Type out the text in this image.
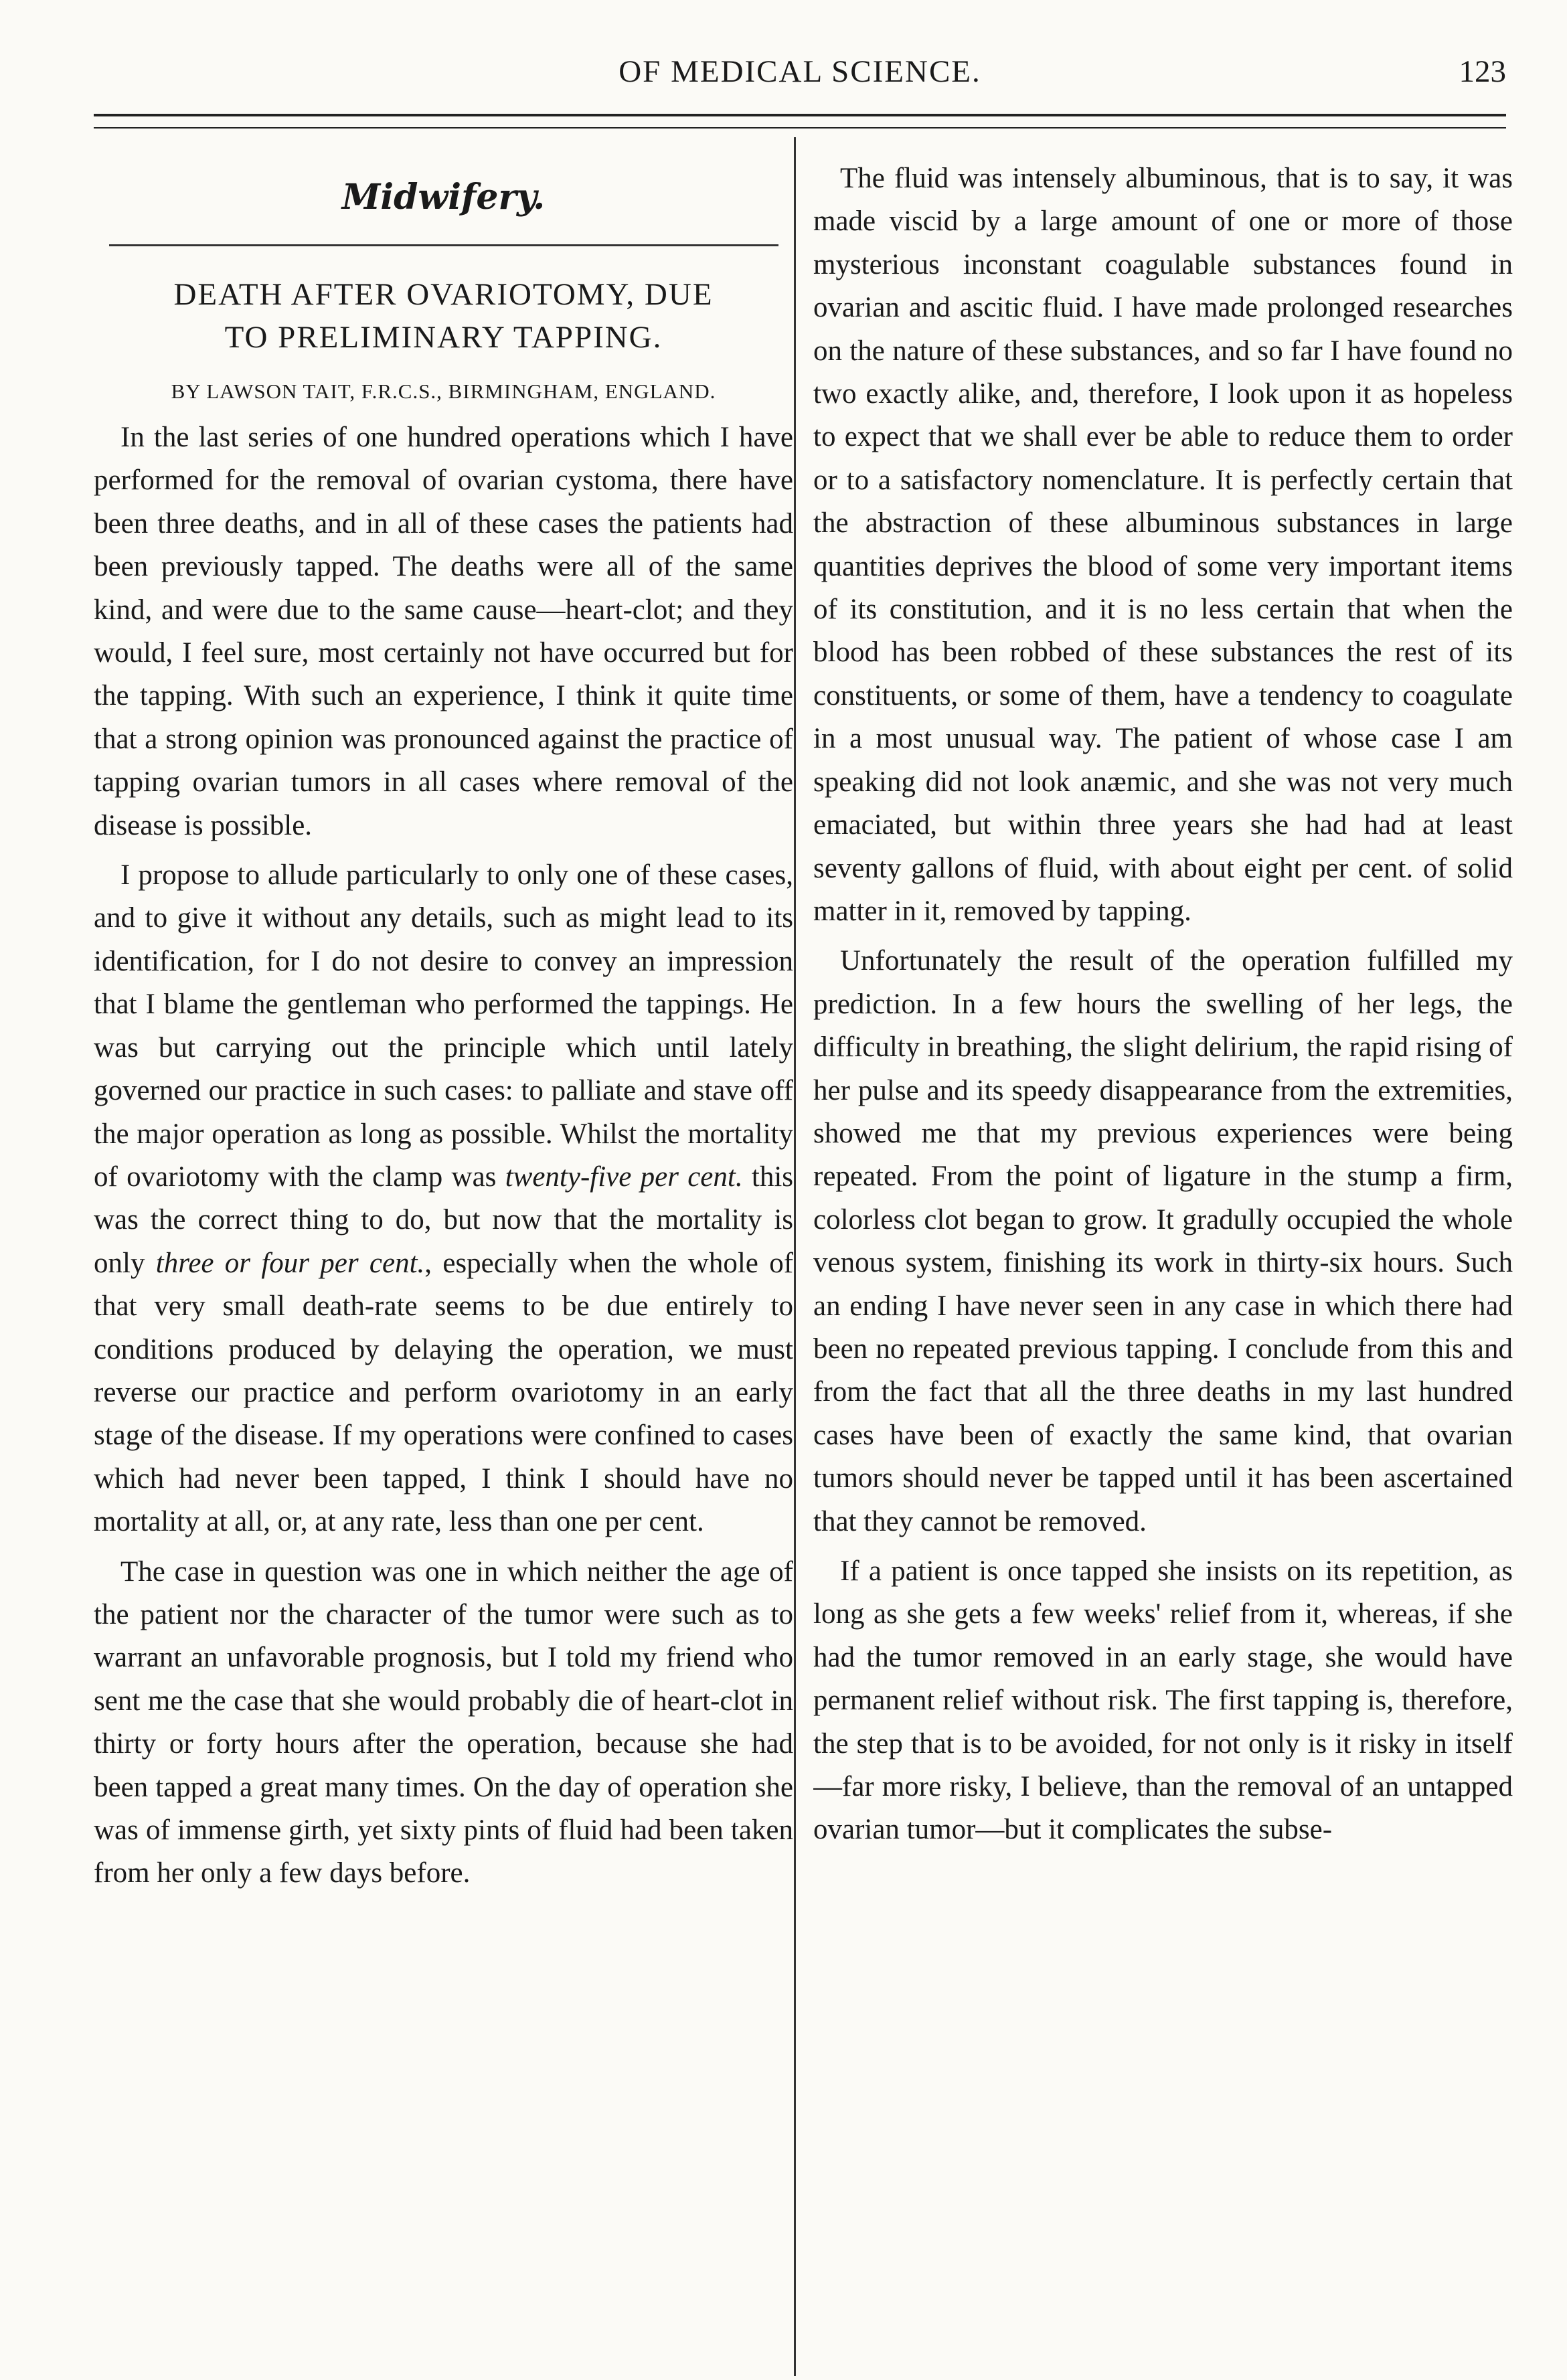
OF MEDICAL SCIENCE.	123
Midwifery.
DEATH AFTER OVARIOTOMY, DUE
TO PRELIMINARY TAPPING.
BY LAWSON TAIT, F.R.C.S., BIRMINGHAM, ENGLAND.

In the last series of one hundred operations which I have performed for the removal of ovarian cystoma, there have been three deaths, and in all of these cases the patients had been previously tapped. The deaths were all of the same kind, and were due to the same cause—heart-clot; and they would, I feel sure, most certainly not have occurred but for the tapping. With such an experience, I think it quite time that a strong opinion was pronounced against the practice of tapping ovarian tumors in all cases where removal of the disease is possible.

I propose to allude particularly to only one of these cases, and to give it without any details, such as might lead to its identification, for I do not desire to convey an impression that I blame the gentleman who performed the tappings. He was but carrying out the principle which until lately governed our practice in such cases: to palliate and stave off the major operation as long as possible. Whilst the mortality of ovariotomy with the clamp was twenty-five per cent. this was the correct thing to do, but now that the mortality is only three or four per cent., especially when the whole of that very small death-rate seems to be due entirely to conditions produced by delaying the operation, we must reverse our practice and perform ovariotomy in an early stage of the disease. If my operations were confined to cases which had never been tapped, I think I should have no mortality at all, or, at any rate, less than one per cent.

The case in question was one in which neither the age of the patient nor the character of the tumor were such as to warrant an unfavorable prognosis, but I told my friend who sent me the case that she would probably die of heart-clot in thirty or forty hours after the operation, because she had been tapped a great many times. On the day of operation she was of immense girth, yet sixty pints of fluid had been taken from her only a few days before.

The fluid was intensely albuminous, that is to say, it was made viscid by a large amount of one or more of those mysterious inconstant coagulable substances found in ovarian and ascitic fluid. I have made prolonged researches on the nature of these substances, and so far I have found no two exactly alike, and, therefore, I look upon it as hopeless to expect that we shall ever be able to reduce them to order or to a satisfactory nomenclature. It is perfectly certain that the abstraction of these albuminous substances in large quantities deprives the blood of some very important items of its constitution, and it is no less certain that when the blood has been robbed of these substances the rest of its constituents, or some of them, have a tendency to coagulate in a most unusual way. The patient of whose case I am speaking did not look anæmic, and she was not very much emaciated, but within three years she had had at least seventy gallons of fluid, with about eight per cent. of solid matter in it, removed by tapping.

Unfortunately the result of the operation fulfilled my prediction. In a few hours the swelling of her legs, the difficulty in breathing, the slight delirium, the rapid rising of her pulse and its speedy disappearance from the extremities, showed me that my previous experiences were being repeated. From the point of ligature in the stump a firm, colorless clot began to grow. It gradully occupied the whole venous system, finishing its work in thirty-six hours. Such an ending I have never seen in any case in which there had been no repeated previous tapping. I conclude from this and from the fact that all the three deaths in my last hundred cases have been of exactly the same kind, that ovarian tumors should never be tapped until it has been ascertained that they cannot be removed.

If a patient is once tapped she insists on its repetition, as long as she gets a few weeks' relief from it, whereas, if she had the tumor removed in an early stage, she would have permanent relief without risk. The first tapping is, therefore, the step that is to be avoided, for not only is it risky in itself—far more risky, I believe, than the removal of an untapped ovarian tumor—but it complicates the subse-
